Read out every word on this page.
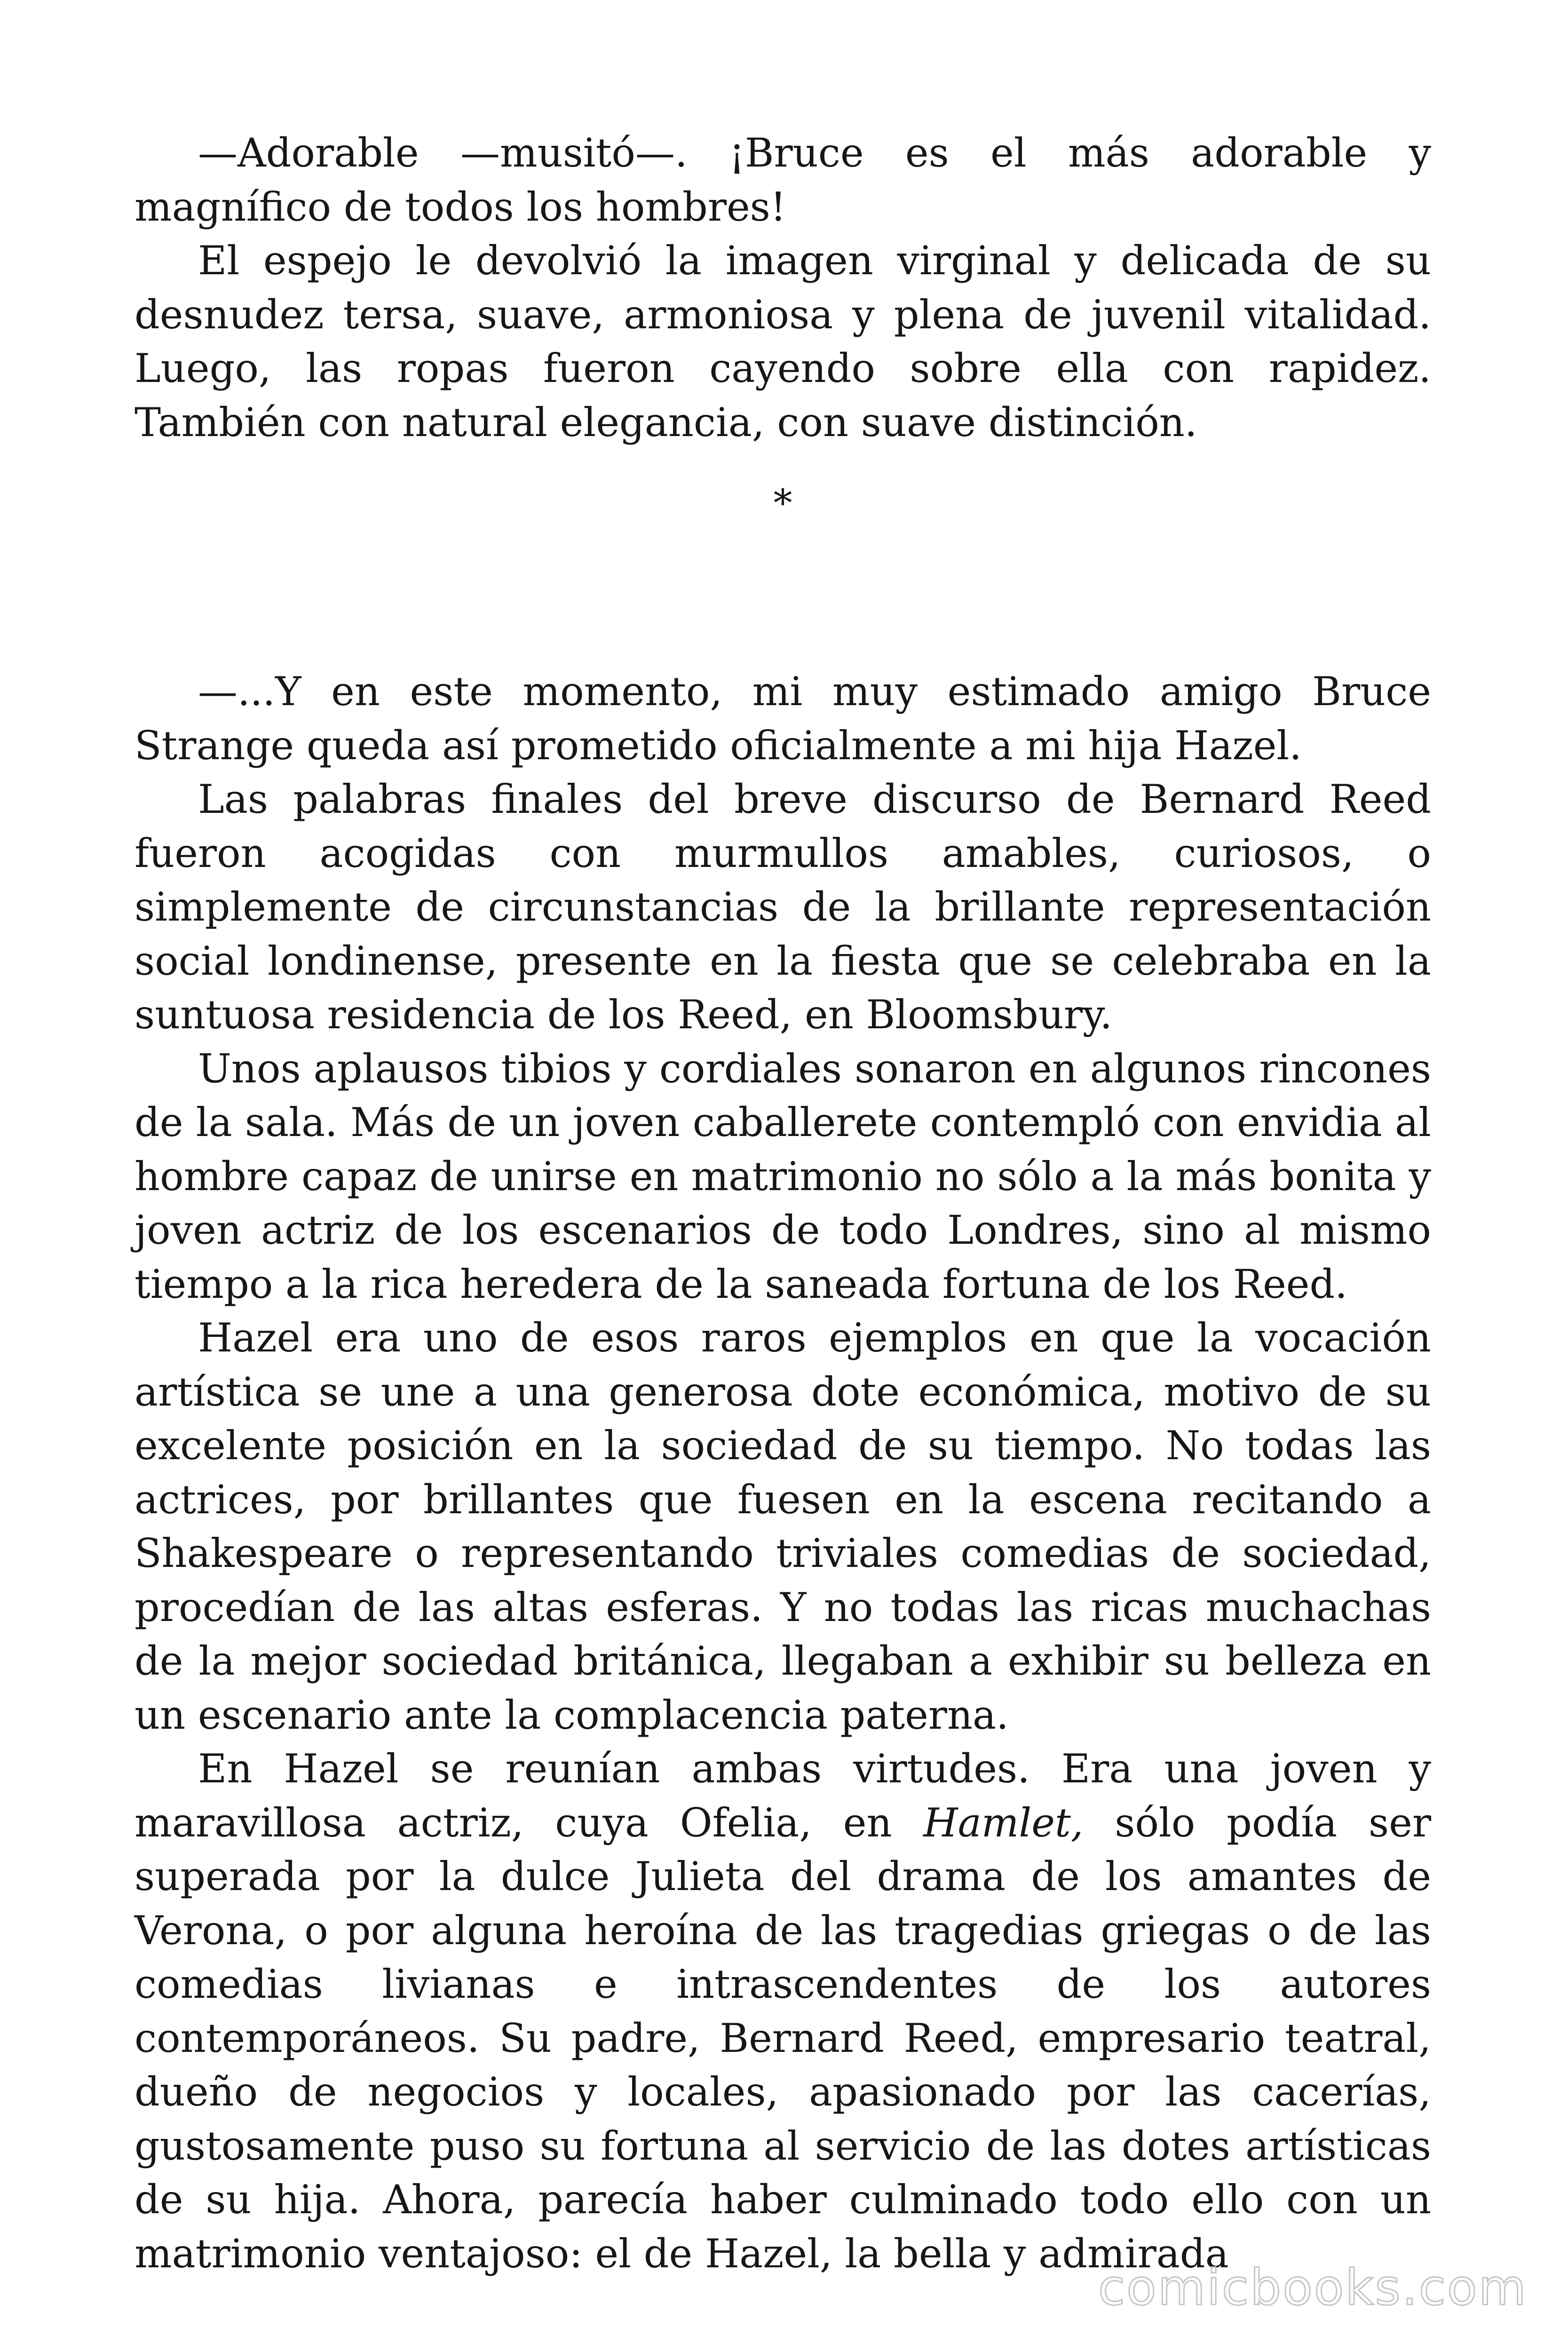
—Adorable —musitó—. ¡Bruce es el más adorable y magnífico de todos los hombres!

El espejo le devolvió la imagen virginal y delicada de su desnudez tersa, suave, armoniosa y plena de juvenil vitalidad. Luego, las ropas fueron cayendo sobre ella con rapidez. También con natural elegancia, con suave distinción.

*

—...Y en este momento, mi muy estimado amigo Bruce Strange queda así prometido oficialmente a mi hija Hazel.

Las palabras finales del breve discurso de Bernard Reed fueron acogidas con murmullos amables, curiosos, o simplemente de circunstancias de la brillante representación social londinense, presente en la fiesta que se celebraba en la suntuosa residencia de los Reed, en Bloomsbury.

Unos aplausos tibios y cordiales sonaron en algunos rincones de la sala. Más de un joven caballerete contempló con envidia al hombre capaz de unirse en matrimonio no sólo a la más bonita y joven actriz de los escenarios de todo Londres, sino al mismo tiempo a la rica heredera de la saneada fortuna de los Reed.

Hazel era uno de esos raros ejemplos en que la vocación artística se une a una generosa dote económica, motivo de su excelente posición en la sociedad de su tiempo. No todas las actrices, por brillantes que fuesen en la escena recitando a Shakespeare o representando triviales comedias de sociedad, procedían de las altas esferas. Y no todas las ricas muchachas de la mejor sociedad británica, llegaban a exhibir su belleza en un escenario ante la complacencia paterna.

En Hazel se reunían ambas virtudes. Era una joven y maravillosa actriz, cuya Ofelia, en Hamlet, sólo podía ser superada por la dulce Julieta del drama de los amantes de Verona, o por alguna heroína de las tragedias griegas o de las comedias livianas e intrascendentes de los autores contemporáneos. Su padre, Bernard Reed, empresario teatral, dueño de negocios y locales, apasionado por las cacerías, gustosamente puso su fortuna al servicio de las dotes artísticas de su hija. Ahora, parecía haber culminado todo ello con un matrimonio ventajoso: el de Hazel, la bella y admirada

comicbooks.com
